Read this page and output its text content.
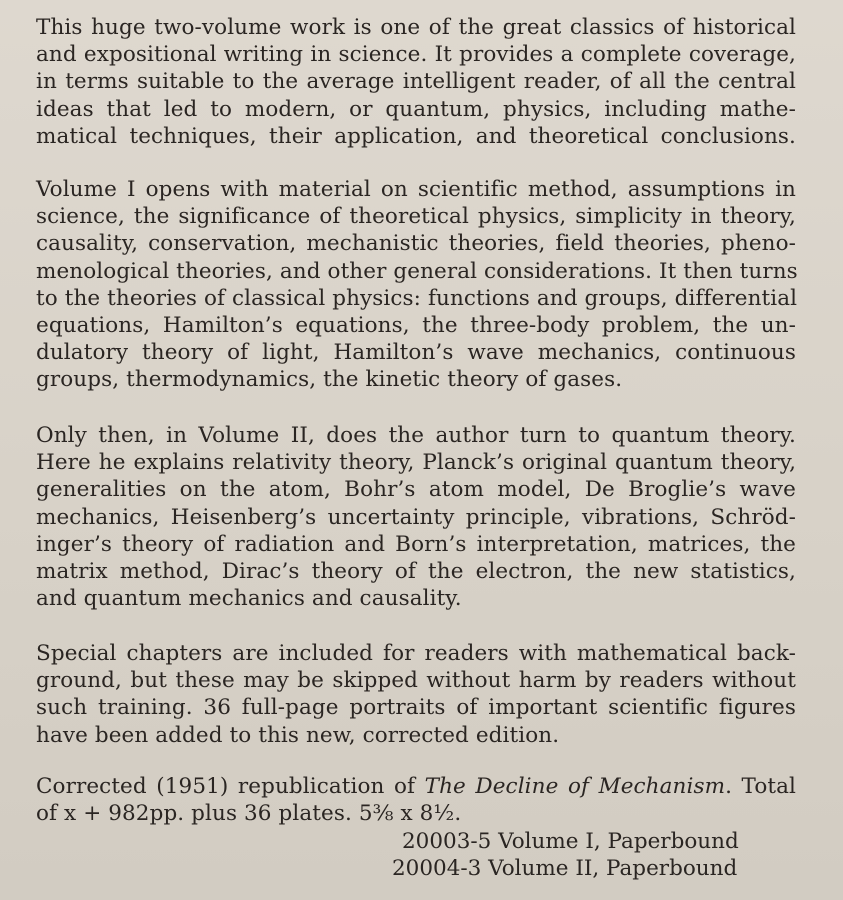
This huge two-volume work is one of the great classics of historical
and expositional writing in science. It provides a complete coverage,
in terms suitable to the average intelligent reader, of all the central
ideas that led to modern, or quantum, physics, including mathe-
matical techniques, their application, and theoretical conclusions.
Volume I opens with material on scientific method, assumptions in
science, the significance of theoretical physics, simplicity in theory,
causality, conservation, mechanistic theories, field theories, pheno-
menological theories, and other general considerations. It then turns
to the theories of classical physics: functions and groups, differential
equations, Hamilton’s equations, the three-body problem, the un-
dulatory theory of light, Hamilton’s wave mechanics, continuous
groups, thermodynamics, the kinetic theory of gases.
Only then, in Volume II, does the author turn to quantum theory.
Here he explains relativity theory, Planck’s original quantum theory,
generalities on the atom, Bohr’s atom model, De Broglie’s wave
mechanics, Heisenberg’s uncertainty principle, vibrations, Schröd-
inger’s theory of radiation and Born’s interpretation, matrices, the
matrix method, Dirac’s theory of the electron, the new statistics,
and quantum mechanics and causality.
Special chapters are included for readers with mathematical back-
ground, but these may be skipped without harm by readers without
such training. 36 full-page portraits of important scientific figures
have been added to this new, corrected edition.
Corrected (1951) republication of The Decline of Mechanism. Total
of x + 982pp. plus 36 plates. 5⅜ x 8½.
20003-5 Volume I, Paperbound
20004-3 Volume II, Paperbound
